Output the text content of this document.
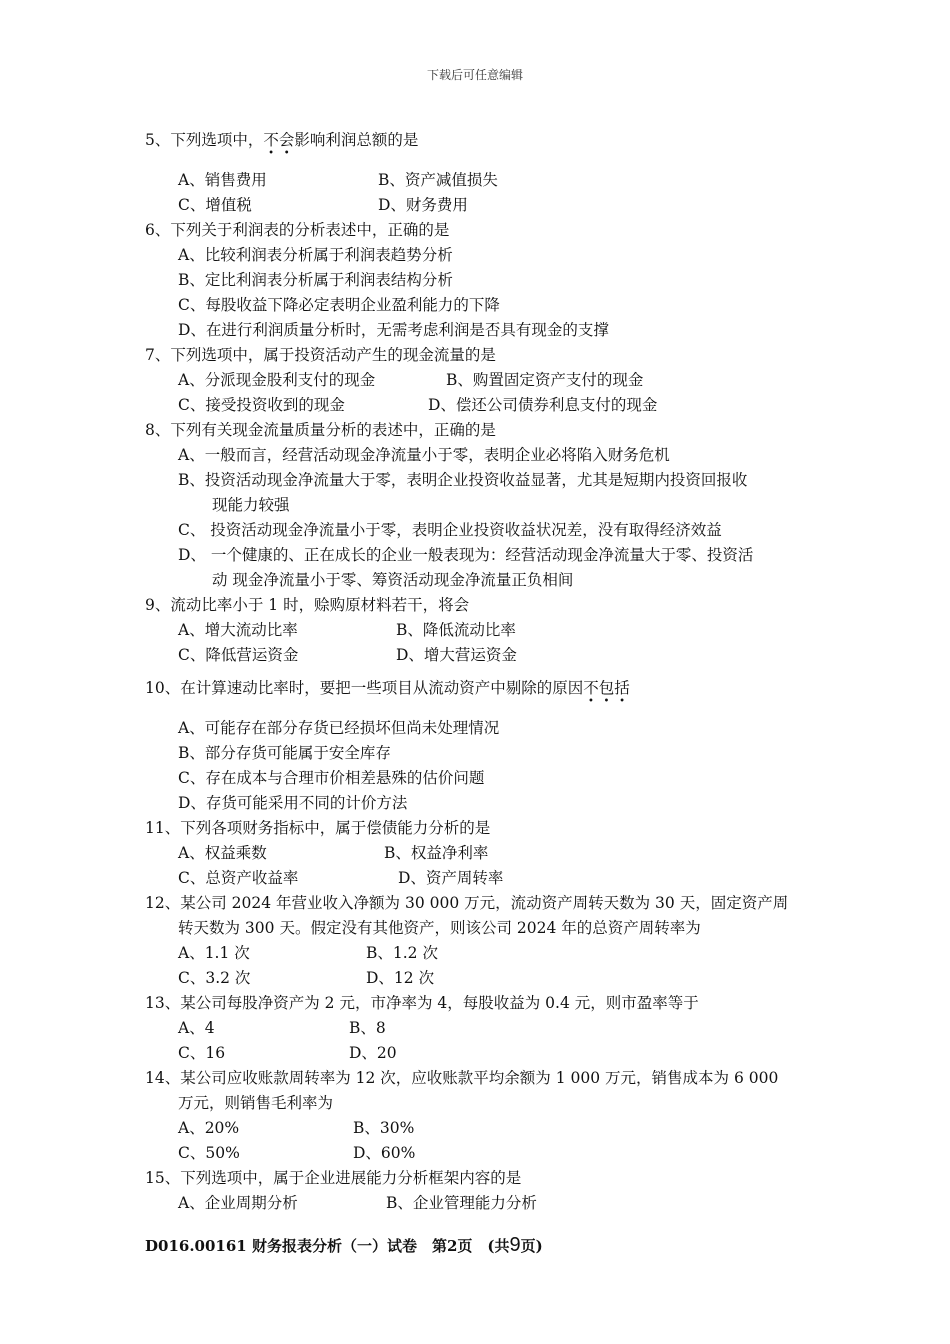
下载后可任意编辑
5、下列选项中，不
•
会
•
影响利润总额的是
A、销售费用	B、资产减值损失
C、增值税	D、财务费用
6、下列关于利润表的分析表述中，正确的是
A、比较利润表分析属于利润表趋势分析
B、定比利润表分析属于利润表结构分析
C、每股收益下降必定表明企业盈利能力的下降
D、在进行利润质量分析时，无需考虑利润是否具有现金的支撑
7、下列选项中，属于投资活动产生的现金流量的是
A、分派现金股利支付的现金	B、购置固定资产支付的现金
C、接受投资收到的现金	D、偿还公司债券利息支付的现金
8、下列有关现金流量质量分析的表述中，正确的是
A、一般而言，经营活动现金净流量小于零，表明企业必将陷入财务危机
B、投资活动现金净流量大于零，表明企业投资收益显著，尤其是短期内投资回报收
现能力较强
C、 投资活动现金净流量小于零，表明企业投资收益状况差，没有取得经济效益
D、 一个健康的、正在成长的企业一般表现为：经营活动现金净流量大于零、投资活
动 现金净流量小于零、筹资活动现金净流量正负相间
9、流动比率小于 1 时，赊购原材料若干，将会
A、增大流动比率	B、降低流动比率
C、降低营运资金	D、增大营运资金
10、在计算速动比率时，要把一些项目从流动资产中剔除的原因不
•
包
•
括
•
A、可能存在部分存货已经损坏但尚未处理情况
B、部分存货可能属于安全库存
C、存在成本与合理市价相差悬殊的估价问题
D、存货可能采用不同的计价方法
11、下列各项财务指标中，属于偿债能力分析的是
A、权益乘数	B、权益净利率
C、总资产收益率	D、资产周转率
12、某公司 2024 年营业收入净额为 30 000 万元，流动资产周转天数为 30 天，固定资产周
转天数为 300 天。假定没有其他资产，则该公司 2024 年的总资产周转率为
A、1.1 次	B、1.2 次
C、3.2 次	D、12 次
13、某公司每股净资产为 2 元，市净率为 4，每股收益为 0.4 元，则市盈率等于
A、4	B、8
C、16	D、20
14、某公司应收账款周转率为 12 次，应收账款平均余额为 1 000 万元，销售成本为 6 000
万元，则销售毛利率为
A、20%	B、30%
C、50%	D、60%
15、下列选项中，属于企业进展能力分析框架内容的是
A、企业周期分析	B、企业管理能力分析
D016.00161 财务报表分析（一）试卷　第2页　(共9页)
